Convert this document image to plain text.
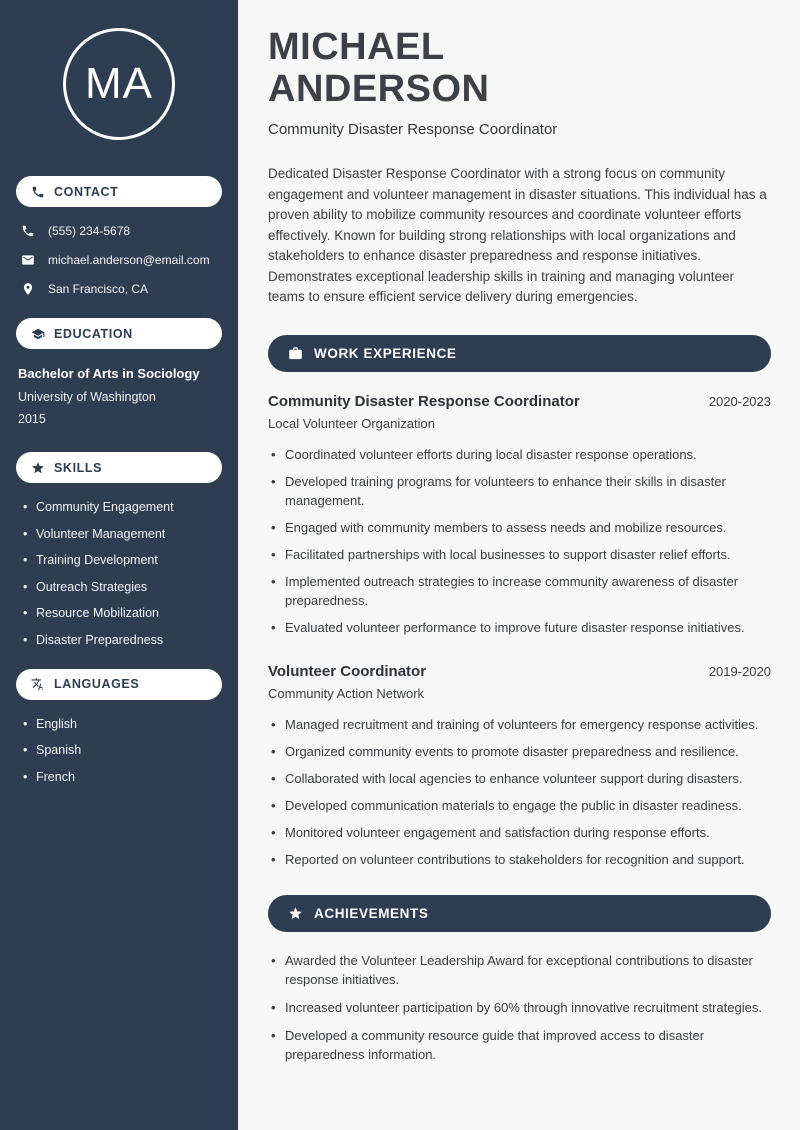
MA
CONTACT
(555) 234-5678
michael.anderson@email.com
San Francisco, CA
EDUCATION
Bachelor of Arts in Sociology
University of Washington
2015
SKILLS
• Community Engagement
• Volunteer Management
• Training Development
• Outreach Strategies
• Resource Mobilization
• Disaster Preparedness
LANGUAGES
• English
• Spanish
• French
MICHAEL
ANDERSON
Community Disaster Response Coordinator

Dedicated Disaster Response Coordinator with a strong focus on community engagement and volunteer management in disaster situations. This individual has a proven ability to mobilize community resources and coordinate volunteer efforts effectively. Known for building strong relationships with local organizations and stakeholders to enhance disaster preparedness and response initiatives. Demonstrates exceptional leadership skills in training and managing volunteer teams to ensure efficient service delivery during emergencies.

WORK EXPERIENCE
Community Disaster Response Coordinator	2020-2023
Local Volunteer Organization
• Coordinated volunteer efforts during local disaster response operations.
• Developed training programs for volunteers to enhance their skills in disaster management.
• Engaged with community members to assess needs and mobilize resources.
• Facilitated partnerships with local businesses to support disaster relief efforts.
• Implemented outreach strategies to increase community awareness of disaster preparedness.
• Evaluated volunteer performance to improve future disaster response initiatives.
Volunteer Coordinator	2019-2020
Community Action Network
• Managed recruitment and training of volunteers for emergency response activities.
• Organized community events to promote disaster preparedness and resilience.
• Collaborated with local agencies to enhance volunteer support during disasters.
• Developed communication materials to engage the public in disaster readiness.
• Monitored volunteer engagement and satisfaction during response efforts.
• Reported on volunteer contributions to stakeholders for recognition and support.
ACHIEVEMENTS
• Awarded the Volunteer Leadership Award for exceptional contributions to disaster response initiatives.
• Increased volunteer participation by 60% through innovative recruitment strategies.
• Developed a community resource guide that improved access to disaster preparedness information.
